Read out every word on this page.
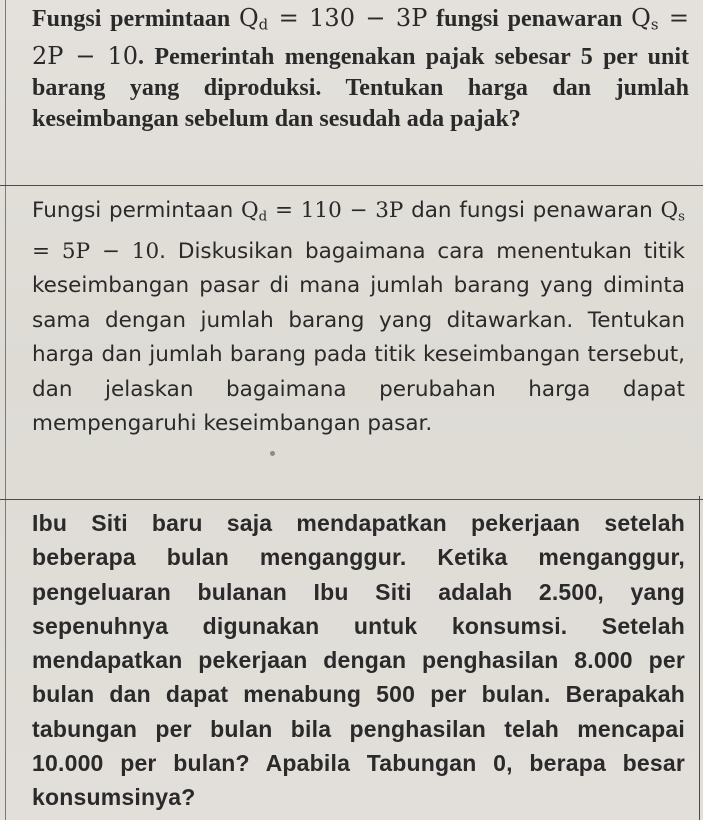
Fungsi permintaan $Q_d = 130 - 3P$ fungsi penawaran $Q_s = 2P - 10$. Pemerintah mengenakan pajak sebesar 5 per unit barang yang diproduksi. Tentukan harga dan jumlah keseimbangan sebelum dan sesudah ada pajak?
Fungsi permintaan $Q_d = 110 - 3P$ dan fungsi penawaran $Q_s = 5P - 10$. Diskusikan bagaimana cara menentukan titik keseimbangan pasar di mana jumlah barang yang diminta sama dengan jumlah barang yang ditawarkan. Tentukan harga dan jumlah barang pada titik keseimbangan tersebut, dan jelaskan bagaimana perubahan harga dapat mempengaruhi keseimbangan pasar.
Ibu Siti baru saja mendapatkan pekerjaan setelah beberapa bulan menganggur. Ketika menganggur, pengeluaran bulanan Ibu Siti adalah 2.500, yang sepenuhnya digunakan untuk konsumsi. Setelah mendapatkan pekerjaan dengan penghasilan 8.000 per bulan dan dapat menabung 500 per bulan. Berapakah tabungan per bulan bila penghasilan telah mencapai 10.000 per bulan? Apabila Tabungan 0, berapa besar konsumsinya?
